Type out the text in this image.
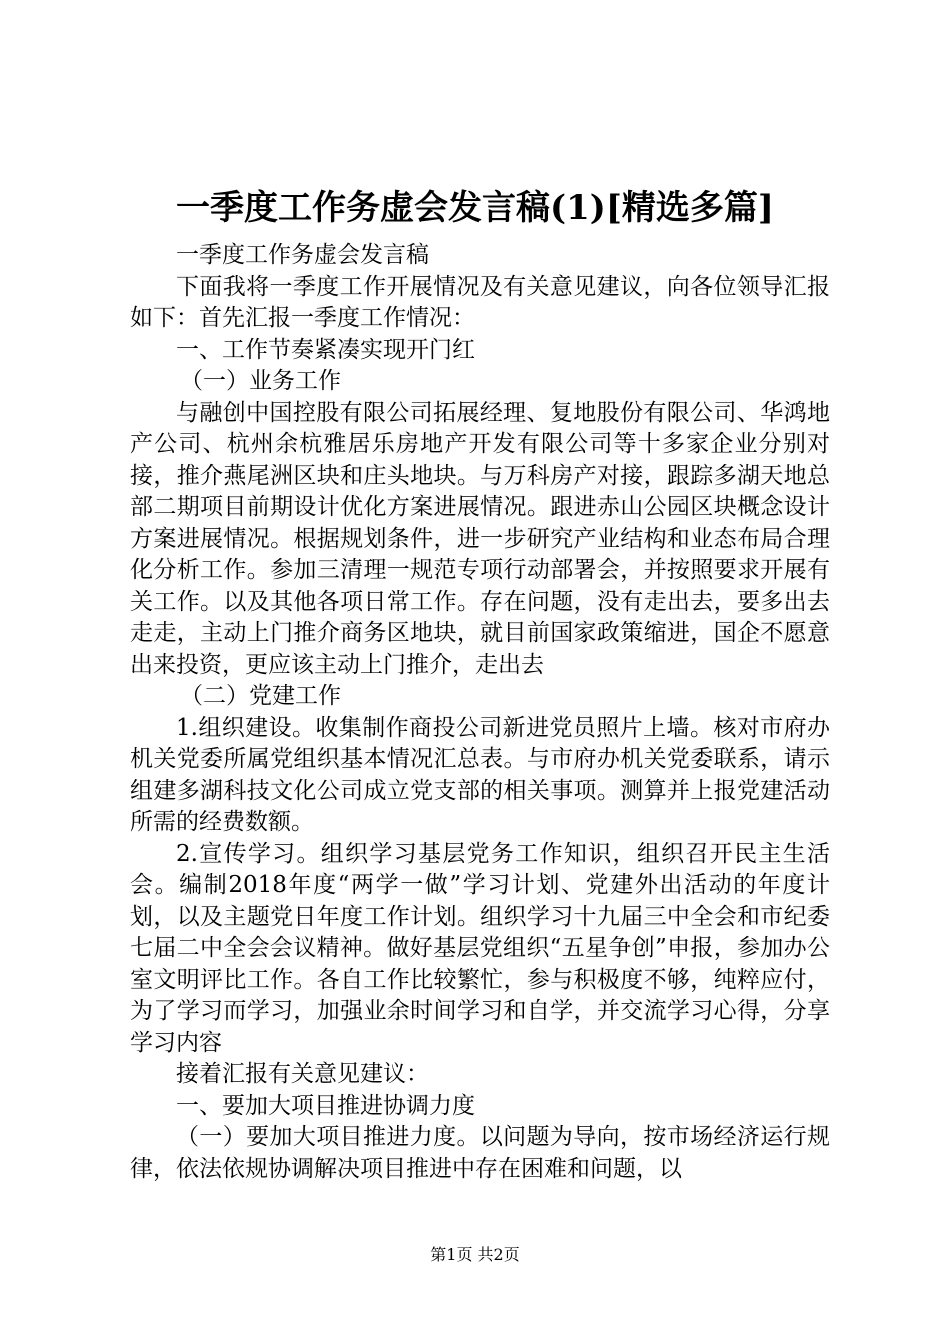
一季度工作务虚会发言稿(1)[精选多篇]

一季度工作务虚会发言稿

下面我将一季度工作开展情况及有关意见建议，向各位领导汇报如下：首先汇报一季度工作情况：

一、工作节奏紧凑实现开门红

（一）业务工作

与融创中国控股有限公司拓展经理、复地股份有限公司、华鸿地产公司、杭州余杭雅居乐房地产开发有限公司等十多家企业分别对接，推介燕尾洲区块和庄头地块。与万科房产对接，跟踪多湖天地总部二期项目前期设计优化方案进展情况。跟进赤山公园区块概念设计方案进展情况。根据规划条件，进一步研究产业结构和业态布局合理化分析工作。参加三清理一规范专项行动部署会，并按照要求开展有关工作。以及其他各项日常工作。存在问题，没有走出去，要多出去走走，主动上门推介商务区地块，就目前国家政策缩进，国企不愿意出来投资，更应该主动上门推介，走出去

（二）党建工作

1.组织建设。收集制作商投公司新进党员照片上墙。核对市府办机关党委所属党组织基本情况汇总表。与市府办机关党委联系，请示组建多湖科技文化公司成立党支部的相关事项。测算并上报党建活动所需的经费数额。

2.宣传学习。组织学习基层党务工作知识，组织召开民主生活会。编制2018年度“两学一做”学习计划、党建外出活动的年度计划，以及主题党日年度工作计划。组织学习十九届三中全会和市纪委七届二中全会会议精神。做好基层党组织“五星争创”申报，参加办公室文明评比工作。各自工作比较繁忙，参与积极度不够，纯粹应付，为了学习而学习，加强业余时间学习和自学，并交流学习心得，分享学习内容

接着汇报有关意见建议：

一、要加大项目推进协调力度

（一）要加大项目推进力度。以问题为导向，按市场经济运行规律，依法依规协调解决项目推进中存在困难和问题，以

第1页 共2页
